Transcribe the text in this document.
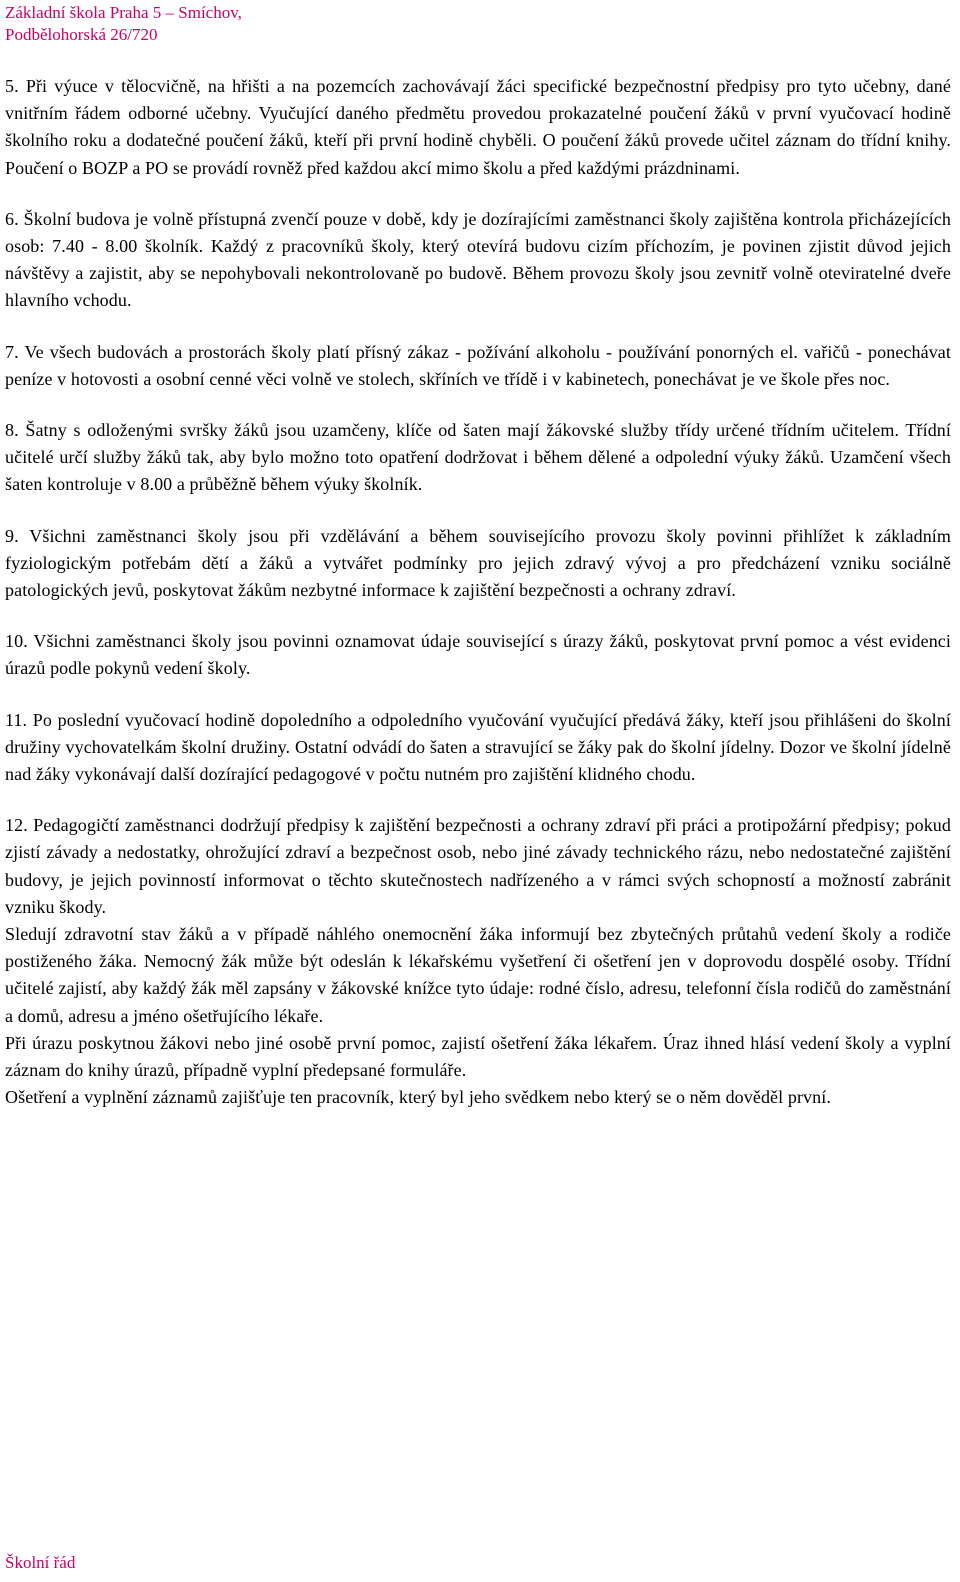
Základní škola Praha 5 – Smíchov,
Podbělohorská 26/720

5. Při výuce v tělocvičně, na hřišti a na pozemcích zachovávají žáci specifické bezpečnostní předpisy pro tyto učebny, dané vnitřním řádem odborné učebny. Vyučující daného předmětu provedou prokazatelné poučení žáků v první vyučovací hodině školního roku a dodatečné poučení žáků, kteří při první hodině chyběli. O poučení žáků provede učitel záznam do třídní knihy. Poučení o BOZP a PO se provádí rovněž před každou akcí mimo školu a před každými prázdninami.

6. Školní budova je volně přístupná zvenčí pouze v době, kdy je dozírajícími zaměstnanci školy zajištěna kontrola přicházejících osob: 7.40 - 8.00 školník. Každý z pracovníků školy, který otevírá budovu cizím příchozím, je povinen zjistit důvod jejich návštěvy a zajistit, aby se nepohybovali nekontrolovaně po budově. Během provozu školy jsou zevnitř volně oteviratelné dveře hlavního vchodu.

7. Ve všech budovách a prostorách školy platí přísný zákaz - požívání alkoholu - používání ponorných el. vařičů - ponechávat peníze v hotovosti a osobní cenné věci volně ve stolech, skříních ve třídě i v kabinetech, ponechávat je ve škole přes noc.

8. Šatny s odloženými svršky žáků jsou uzamčeny, klíče od šaten mají žákovské služby třídy určené třídním učitelem. Třídní učitelé určí služby žáků tak, aby bylo možno toto opatření dodržovat i během dělené a odpolední výuky žáků. Uzamčení všech šaten kontroluje v 8.00 a průběžně během výuky školník.

9. Všichni zaměstnanci školy jsou při vzdělávání a během souvisejícího provozu školy povinni přihlížet k základním fyziologickým potřebám dětí a žáků a vytvářet podmínky pro jejich zdravý vývoj a pro předcházení vzniku sociálně patologických jevů, poskytovat žákům nezbytné informace k zajištění bezpečnosti a ochrany zdraví.

10. Všichni zaměstnanci školy jsou povinni oznamovat údaje související s úrazy žáků, poskytovat první pomoc a vést evidenci úrazů podle pokynů vedení školy.

11. Po poslední vyučovací hodině dopoledního a odpoledního vyučování vyučující předává žáky, kteří jsou přihlášeni do školní družiny vychovatelkám školní družiny. Ostatní odvádí do šaten a stravující se žáky pak do školní jídelny. Dozor ve školní jídelně nad žáky vykonávají další dozírající pedagogové v počtu nutném pro zajištění klidného chodu.

12. Pedagogičtí zaměstnanci dodržují předpisy k zajištění bezpečnosti a ochrany zdraví při práci a protipožární předpisy; pokud zjistí závady a nedostatky, ohrožující zdraví a bezpečnost osob, nebo jiné závady technického rázu, nebo nedostatečné zajištění budovy, je jejich povinností informovat o těchto skutečnostech nadřízeného a v rámci svých schopností a možností zabránit vzniku škody.

Sledují zdravotní stav žáků a v případě náhlého onemocnění žáka informují bez zbytečných průtahů vedení školy a rodiče postiženého žáka. Nemocný žák může být odeslán k lékařskému vyšetření či ošetření jen v doprovodu dospělé osoby. Třídní učitelé zajistí, aby každý žák měl zapsány v žákovské knížce tyto údaje: rodné číslo, adresu, telefonní čísla rodičů do zaměstnání a domů, adresu a jméno ošetřujícího lékaře.

Při úrazu poskytnou žákovi nebo jiné osobě první pomoc, zajistí ošetření žáka lékařem. Úraz ihned hlásí vedení školy a vyplní záznam do knihy úrazů, případně vyplní předepsané formuláře.

Ošetření a vyplnění záznamů zajišťuje ten pracovník, který byl jeho svědkem nebo který se o něm dověděl první.

Školní řád
